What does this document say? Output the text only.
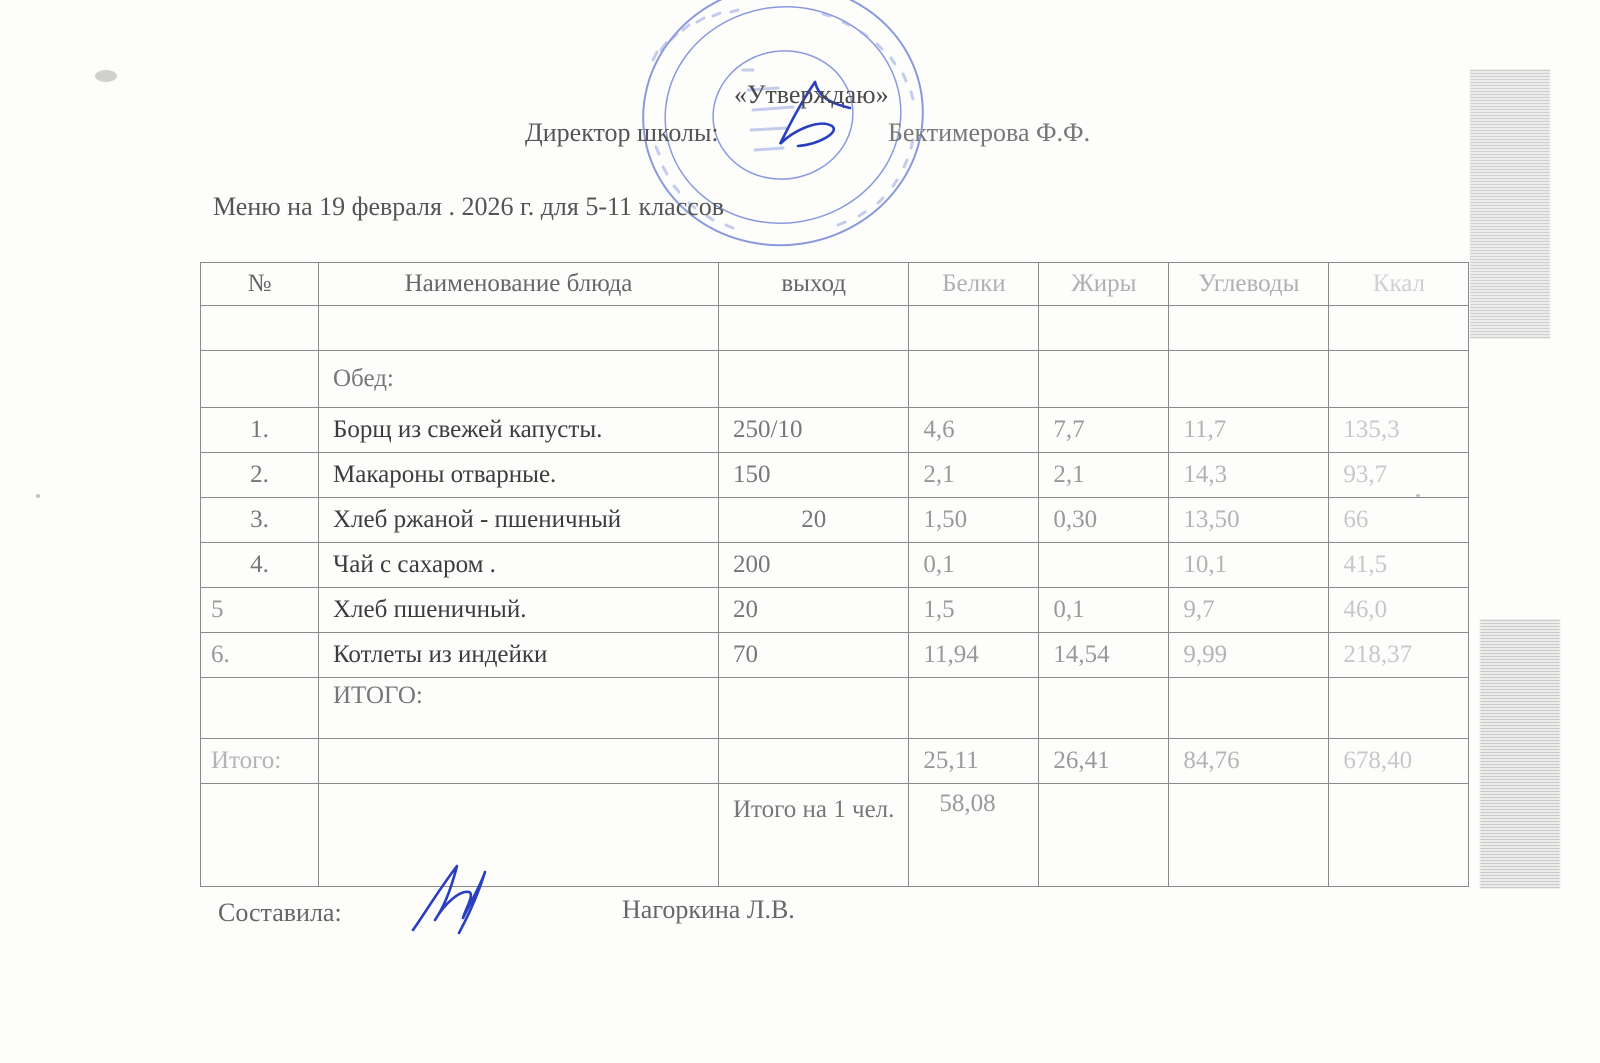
«Утверждаю»
Директор школы:	Бектимерова Ф.Ф.
Меню на 19 февраля . 2026 г. для 5-11 классов
№	Наименование блюда	выход	Белки	Жиры	Углеводы	Ккал

	Обед:					
1.	Борщ из свежей капусты.	250/10	4,6	7,7	11,7	135,3
2.	Макароны отварные.	150	2,1	2,1	14,3	93,7
3.	Хлеб ржаной - пшеничный	20	1,50	0,30	13,50	66
4.	Чай с сахаром .	200	0,1		10,1	41,5
5	Хлеб пшеничный.	20	1,5	0,1	9,7	46,0
6.	Котлеты из индейки	70	11,94	14,54	9,99	218,37
	ИТОГО:					
Итого:			25,11	26,41	84,76	678,40
		Итого на 1 чел.	58,08			
Составила:	Нагоркина Л.В.
